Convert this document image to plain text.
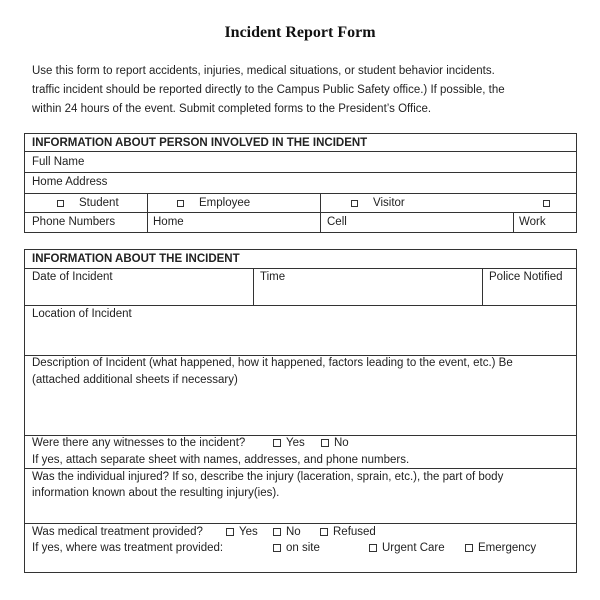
Incident Report Form
Use this form to report accidents, injuries, medical situations, or student behavior incidents.
traffic incident should be reported directly to the Campus Public Safety office.) If possible, the
within 24 hours of the event. Submit completed forms to the President’s Office.
INFORMATION ABOUT PERSON INVOLVED IN THE INCIDENT
Full Name
Home Address
Student	Employee	Visitor
Phone Numbers	Home	Cell	Work
INFORMATION ABOUT THE INCIDENT
Date of Incident	Time	Police Notified
Location of Incident
Description of Incident (what happened, how it happened, factors leading to the event, etc.) Be
(attached additional sheets if necessary)
Were there any witnesses to the incident?	Yes	No
If yes, attach separate sheet with names, addresses, and phone numbers.
Was the individual injured? If so, describe the injury (laceration, sprain, etc.), the part of body
information known about the resulting injury(ies).
Was medical treatment provided?	Yes	No	Refused
If yes, where was treatment provided:	on site	Urgent Care	Emergency
